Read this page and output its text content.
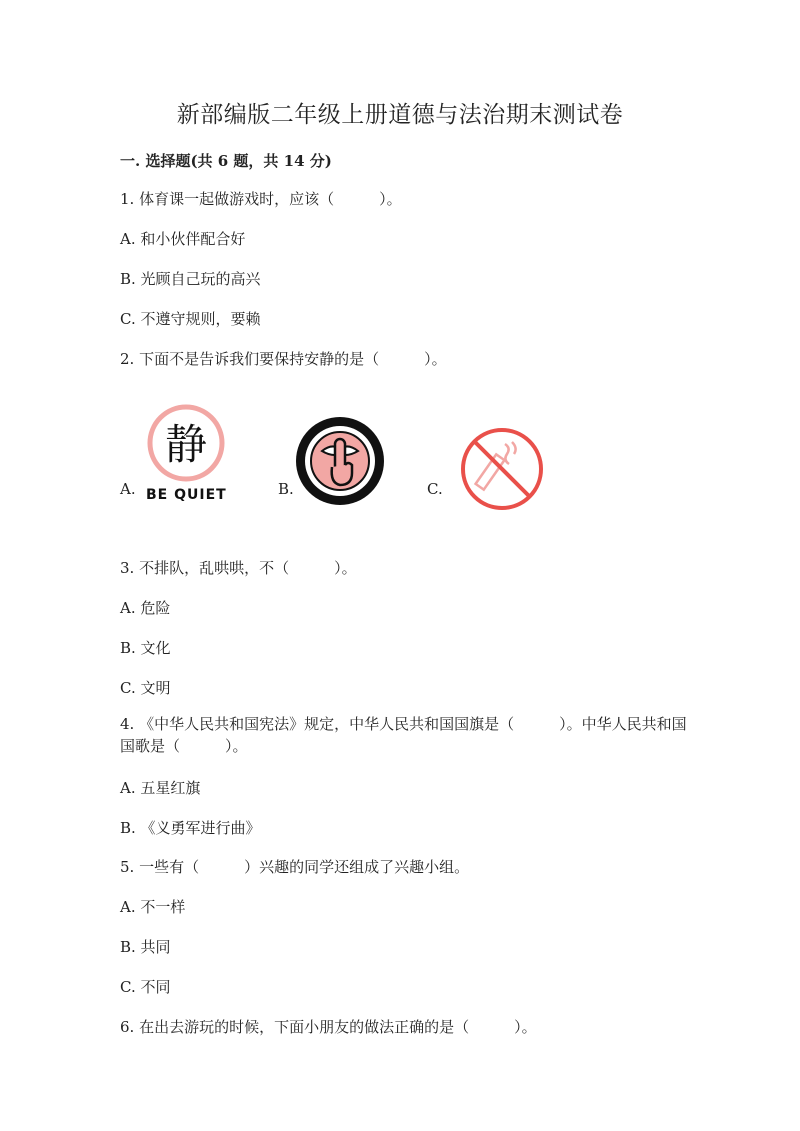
新部编版二年级上册道德与法治期末测试卷
一. 选择题(共 6 题，共 14 分)
1. 体育课一起做游戏时，应该（　　　）。
A. 和小伙伴配合好
B. 光顾自己玩的高兴
C. 不遵守规则，要赖
2. 下面不是告诉我们要保持安静的是（　　　）。
A.	B.	C.
静
BE QUIET
3. 不排队，乱哄哄，不（　　　）。
A. 危险
B. 文化
C. 文明
4. 《中华人民共和国宪法》规定，中华人民共和国国旗是（　　　）。中华人民共和国国歌是（　　　）。
A. 五星红旗
B. 《义勇军进行曲》
5. 一些有（　　　）兴趣的同学还组成了兴趣小组。
A. 不一样
B. 共同
C. 不同
6. 在出去游玩的时候，下面小朋友的做法正确的是（　　　）。
